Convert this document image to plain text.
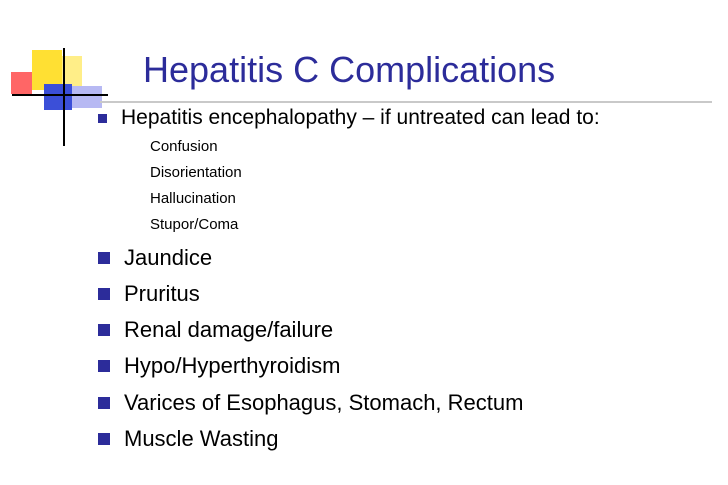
Hepatitis C Complications
Hepatitis encephalopathy – if untreated can lead to:
Confusion
Disorientation
Hallucination
Stupor/Coma
Jaundice
Pruritus
Renal damage/failure
Hypo/Hyperthyroidism
Varices of Esophagus, Stomach, Rectum
Muscle Wasting
